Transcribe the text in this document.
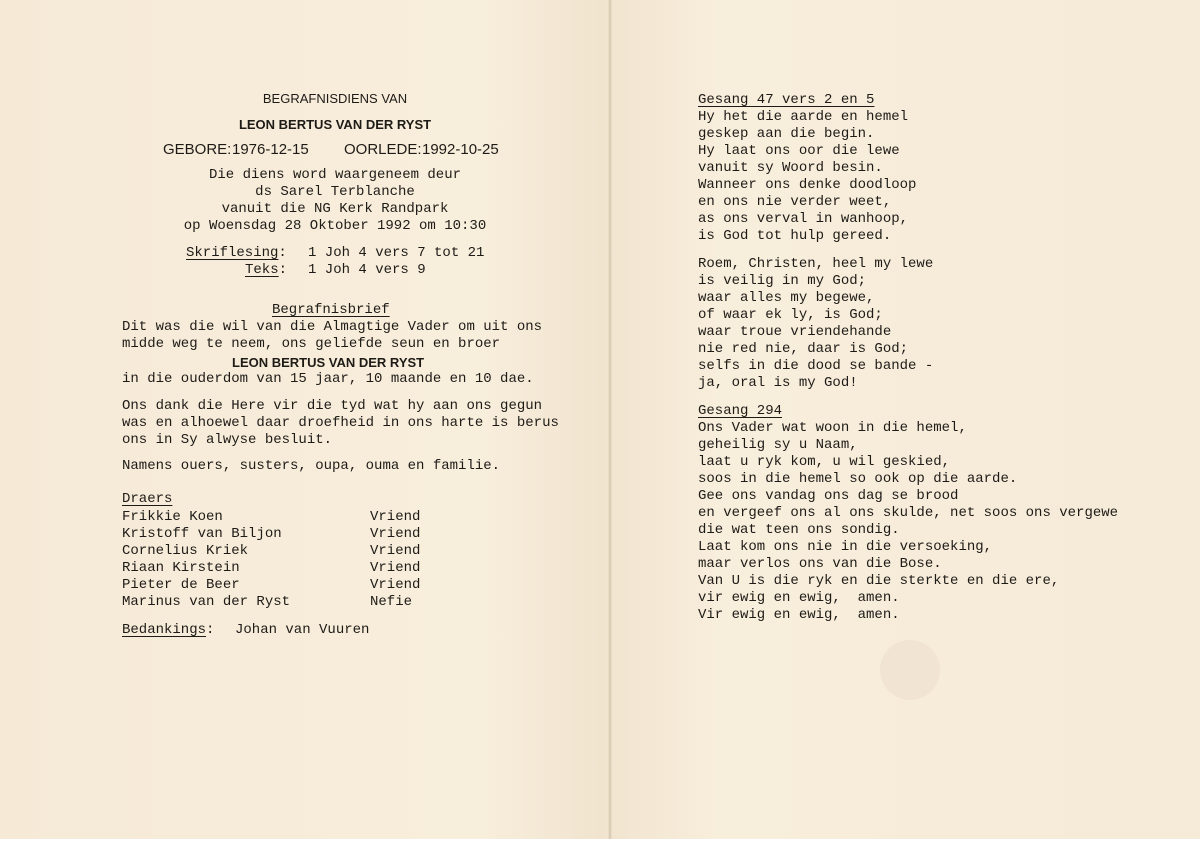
BEGRAFNISDIENS VAN
LEON BERTUS VAN DER RYST
GEBORE: 1976-12-15 OORLEDE: 1992-10-25
Die diens word waargeneem deur
ds Sarel Terblanche
vanuit die NG Kerk Randpark
op Woensdag 28 Oktober 1992 om 10:30
Skriflesing: 1 Joh 4 vers 7 tot 21
Teks: 1 Joh 4 vers 9
Begrafnisbrief
Dit was die wil van die Almagtige Vader om uit ons
midde weg te neem, ons geliefde seun en broer
LEON BERTUS VAN DER RYST
in die ouderdom van 15 jaar, 10 maande en 10 dae.
Ons dank die Here vir die tyd wat hy aan ons gegun
was en alhoewel daar droefheid in ons harte is berus
ons in Sy alwyse besluit.
Namens ouers, susters, oupa, ouma en familie.
Draers
Frikkie Koen	Vriend
Kristoff van Biljon	Vriend
Cornelius Kriek	Vriend
Riaan Kirstein	Vriend
Pieter de Beer	Vriend
Marinus van der Ryst	Nefie
Bedankings: Johan van Vuuren
Gesang 47 vers 2 en 5
Hy het die aarde en hemel
geskep aan die begin.
Hy laat ons oor die lewe
vanuit sy Woord besin.
Wanneer ons denke doodloop
en ons nie verder weet,
as ons verval in wanhoop,
is God tot hulp gereed.
Roem, Christen, heel my lewe
is veilig in my God;
waar alles my begewe,
of waar ek ly, is God;
waar troue vriendehande
nie red nie, daar is God;
selfs in die dood se bande -
ja, oral is my God!
Gesang 294
Ons Vader wat woon in die hemel,
geheilig sy u Naam,
laat u ryk kom, u wil geskied,
soos in die hemel so ook op die aarde.
Gee ons vandag ons dag se brood
en vergeef ons al ons skulde, net soos ons vergewe
die wat teen ons sondig.
Laat kom ons nie in die versoeking,
maar verlos ons van die Bose.
Van U is die ryk en die sterkte en die ere,
vir ewig en ewig,  amen.
Vir ewig en ewig,  amen.
